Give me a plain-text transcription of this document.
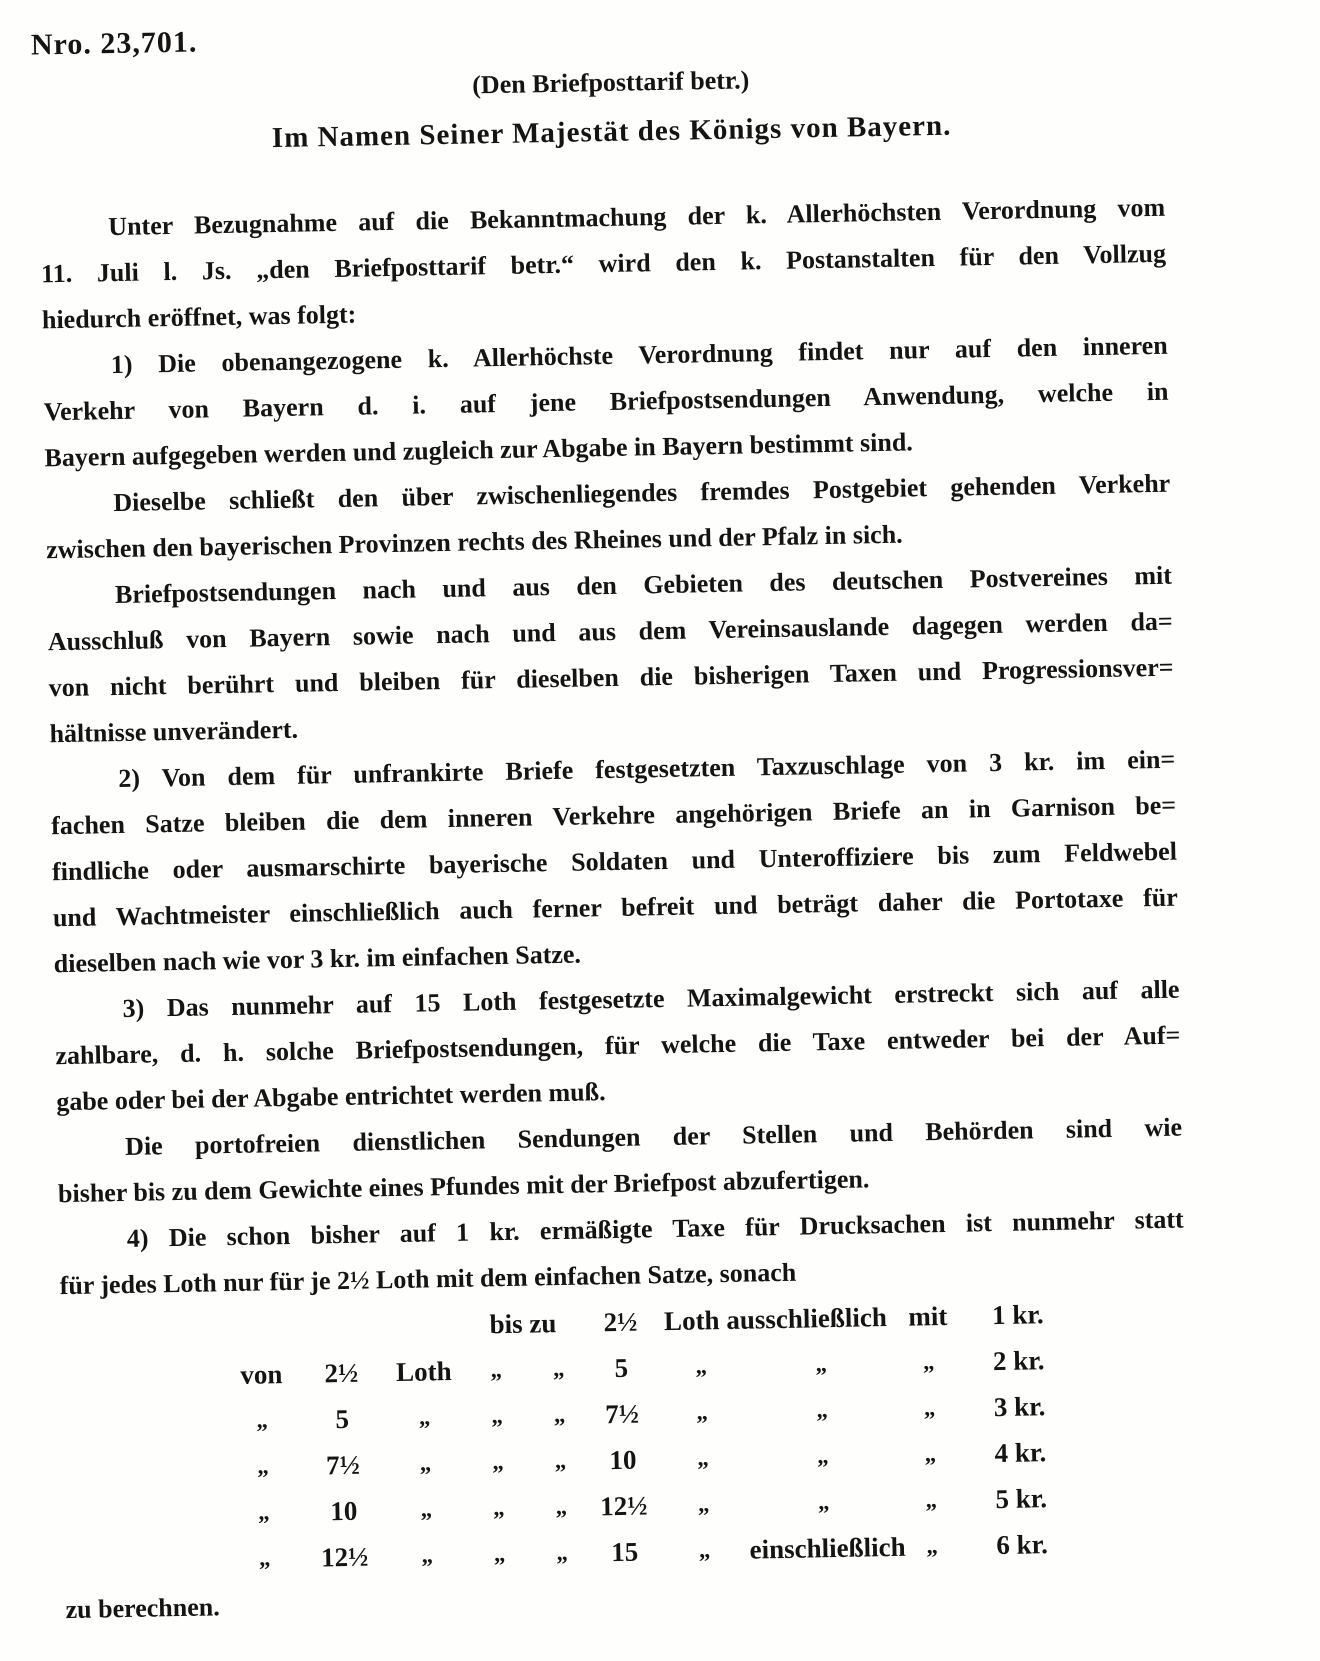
Nro. 23,701.
(Den Briefposttarif betr.)
Im Namen Seiner Majestät des Königs von Bayern.
Unter Bezugnahme auf die Bekanntmachung der k. Allerhöchsten Verordnung vom
11. Juli l. Js. „den Briefposttarif betr.“ wird den k. Postanstalten für den Vollzug
hiedurch eröffnet, was folgt:
1) Die obenangezogene k. Allerhöchste Verordnung findet nur auf den inneren
Verkehr von Bayern d. i. auf jene Briefpostsendungen Anwendung, welche in
Bayern aufgegeben werden und zugleich zur Abgabe in Bayern bestimmt sind.
Dieselbe schließt den über zwischenliegendes fremdes Postgebiet gehenden Verkehr
zwischen den bayerischen Provinzen rechts des Rheines und der Pfalz in sich.
Briefpostsendungen nach und aus den Gebieten des deutschen Postvereines mit
Ausschluß von Bayern sowie nach und aus dem Vereinsauslande dagegen werden da=
von nicht berührt und bleiben für dieselben die bisherigen Taxen und Progressionsver=
hältnisse unverändert.
2) Von dem für unfrankirte Briefe festgesetzten Taxzuschlage von 3 kr. im ein=
fachen Satze bleiben die dem inneren Verkehre angehörigen Briefe an in Garnison be=
findliche oder ausmarschirte bayerische Soldaten und Unteroffiziere bis zum Feldwebel
und Wachtmeister einschließlich auch ferner befreit und beträgt daher die Portotaxe für
dieselben nach wie vor 3 kr. im einfachen Satze.
3) Das nunmehr auf 15 Loth festgesetzte Maximalgewicht erstreckt sich auf alle
zahlbare, d. h. solche Briefpostsendungen, für welche die Taxe entweder bei der Auf=
gabe oder bei der Abgabe entrichtet werden muß.
Die portofreien dienstlichen Sendungen der Stellen und Behörden sind wie
bisher bis zu dem Gewichte eines Pfundes mit der Briefpost abzufertigen.
4) Die schon bisher auf 1 kr. ermäßigte Taxe für Drucksachen ist nunmehr statt
für jedes Loth nur für je 2½ Loth mit dem einfachen Satze, sonach
bis zu	2½ Loth ausschließlich mit	1 kr.
von	2½	Loth	„	„	5	„	„	„	2 kr.
„	5	„	„	„	7½	„	„	„	3 kr.
„	7½	„	„	„	10	„	„	„	4 kr.
„	10	„	„	„	12½	„	„	„	5 kr.
„	12½	„	„	„	15	„	einschließlich „	6 kr.
zu berechnen.
